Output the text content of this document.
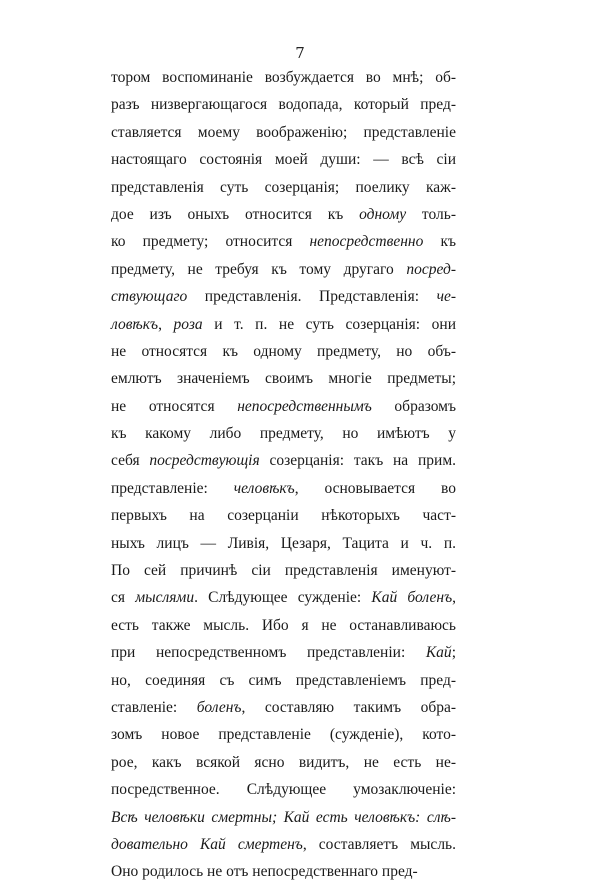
7
тором воспоминаніе возбуждается во мнѣ; об-
разъ низвергающагося водопада, который пред-
ставляется моему воображенію; представленіе
настоящаго состоянія моей души: — всѣ сіи
представленія суть созерцанія; поелику каж-
дое изъ оныхъ относится къ одному толь-
ко предмету; относится непосредственно къ
предмету, не требуя къ тому другаго посред-
ствующаго представленія. Представленія: че-
ловѣкъ, роза и т. п. не суть созерцанія: они
не относятся къ одному предмету, но объ-
емлютъ значеніемъ своимъ многіе предметы;
не относятся непосредственнымъ образомъ
къ какому либо предмету, но имѣютъ у
себя посредствующія созерцанія: такъ на прим.
представленіе: человѣкъ, основывается во
первыхъ на созерцаніи нѣкоторыхъ част-
ныхъ лицъ — Ливія, Цезаря, Тацита и ч. п.
По сей причинѣ сіи представленія именуют-
ся мыслями. Слѣдующее сужденіе: Кай боленъ,
есть также мысль. Ибо я не останавливаюсь
при непосредственномъ представленіи: Кай;
но, соединяя съ симъ представленіемъ пред-
ставленіе: боленъ, составляю такимъ обра-
зомъ новое представленіе (сужденіе), кото-
рое, какъ всякой ясно видитъ, не есть не-
посредственное. Слѣдующее умозаключеніе:
Всѣ человѣки смертны; Кай есть человѣкъ: слѣ-
довательно Кай смертенъ, составляетъ мысль.
Оно родилось не отъ непосредственнаго пред-
